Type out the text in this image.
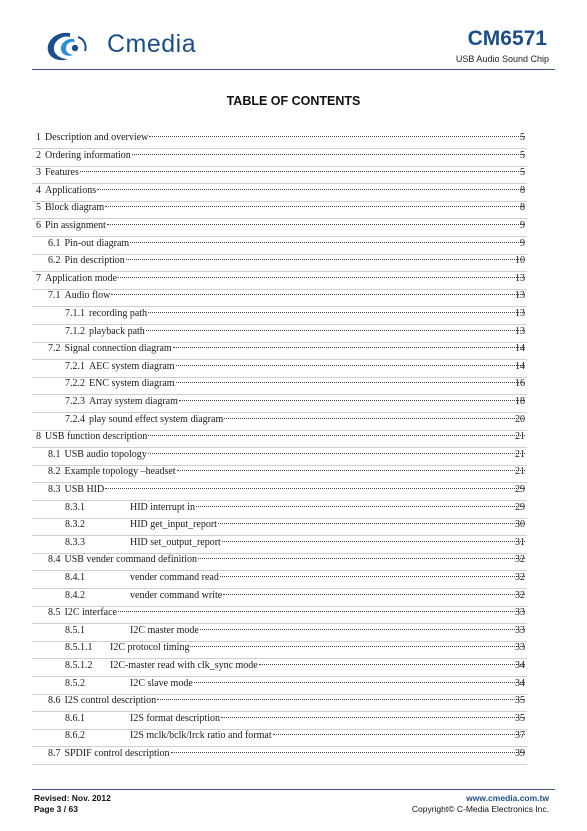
Cmedia	CM6571
USB Audio Sound Chip
TABLE OF CONTENTS
1 Description and overview	5
2 Ordering information	5
3 Features	5
4 Applications	8
5 Block diagram	8
6 Pin assignment	9
6.1 Pin-out diagram	9
6.2 Pin description	10
7 Application mode	13
7.1 Audio flow	13
7.1.1 recording path	13
7.1.2 playback path	13
7.2 Signal connection diagram	14
7.2.1 AEC system diagram	14
7.2.2 ENC system diagram	16
7.2.3 Array system diagram	18
7.2.4 play sound effect system diagram	20
8 USB function description	21
8.1 USB audio topology	21
8.2 Example topology –headset	21
8.3 USB HID	29
8.3.1	HID interrupt in	29
8.3.2	HID get_input_report	30
8.3.3	HID set_output_report	31
8.4 USB vender command definition	32
8.4.1	vender command read	32
8.4.2	vender command write	32
8.5 I2C interface	33
8.5.1	I2C master mode	33
8.5.1.1	I2C protocol timing	33
8.5.1.2	I2C-master read with clk_sync mode	34
8.5.2	I2C slave mode	34
8.6 I2S control description	35
8.6.1	I2S format description	35
8.6.2	I2S mclk/bclk/lrck ratio and format	37
8.7 SPDIF control description	39
Revised: Nov. 2012
Page 3 / 63
www.cmedia.com.tw
Copyright© C-Media Electronics Inc.
